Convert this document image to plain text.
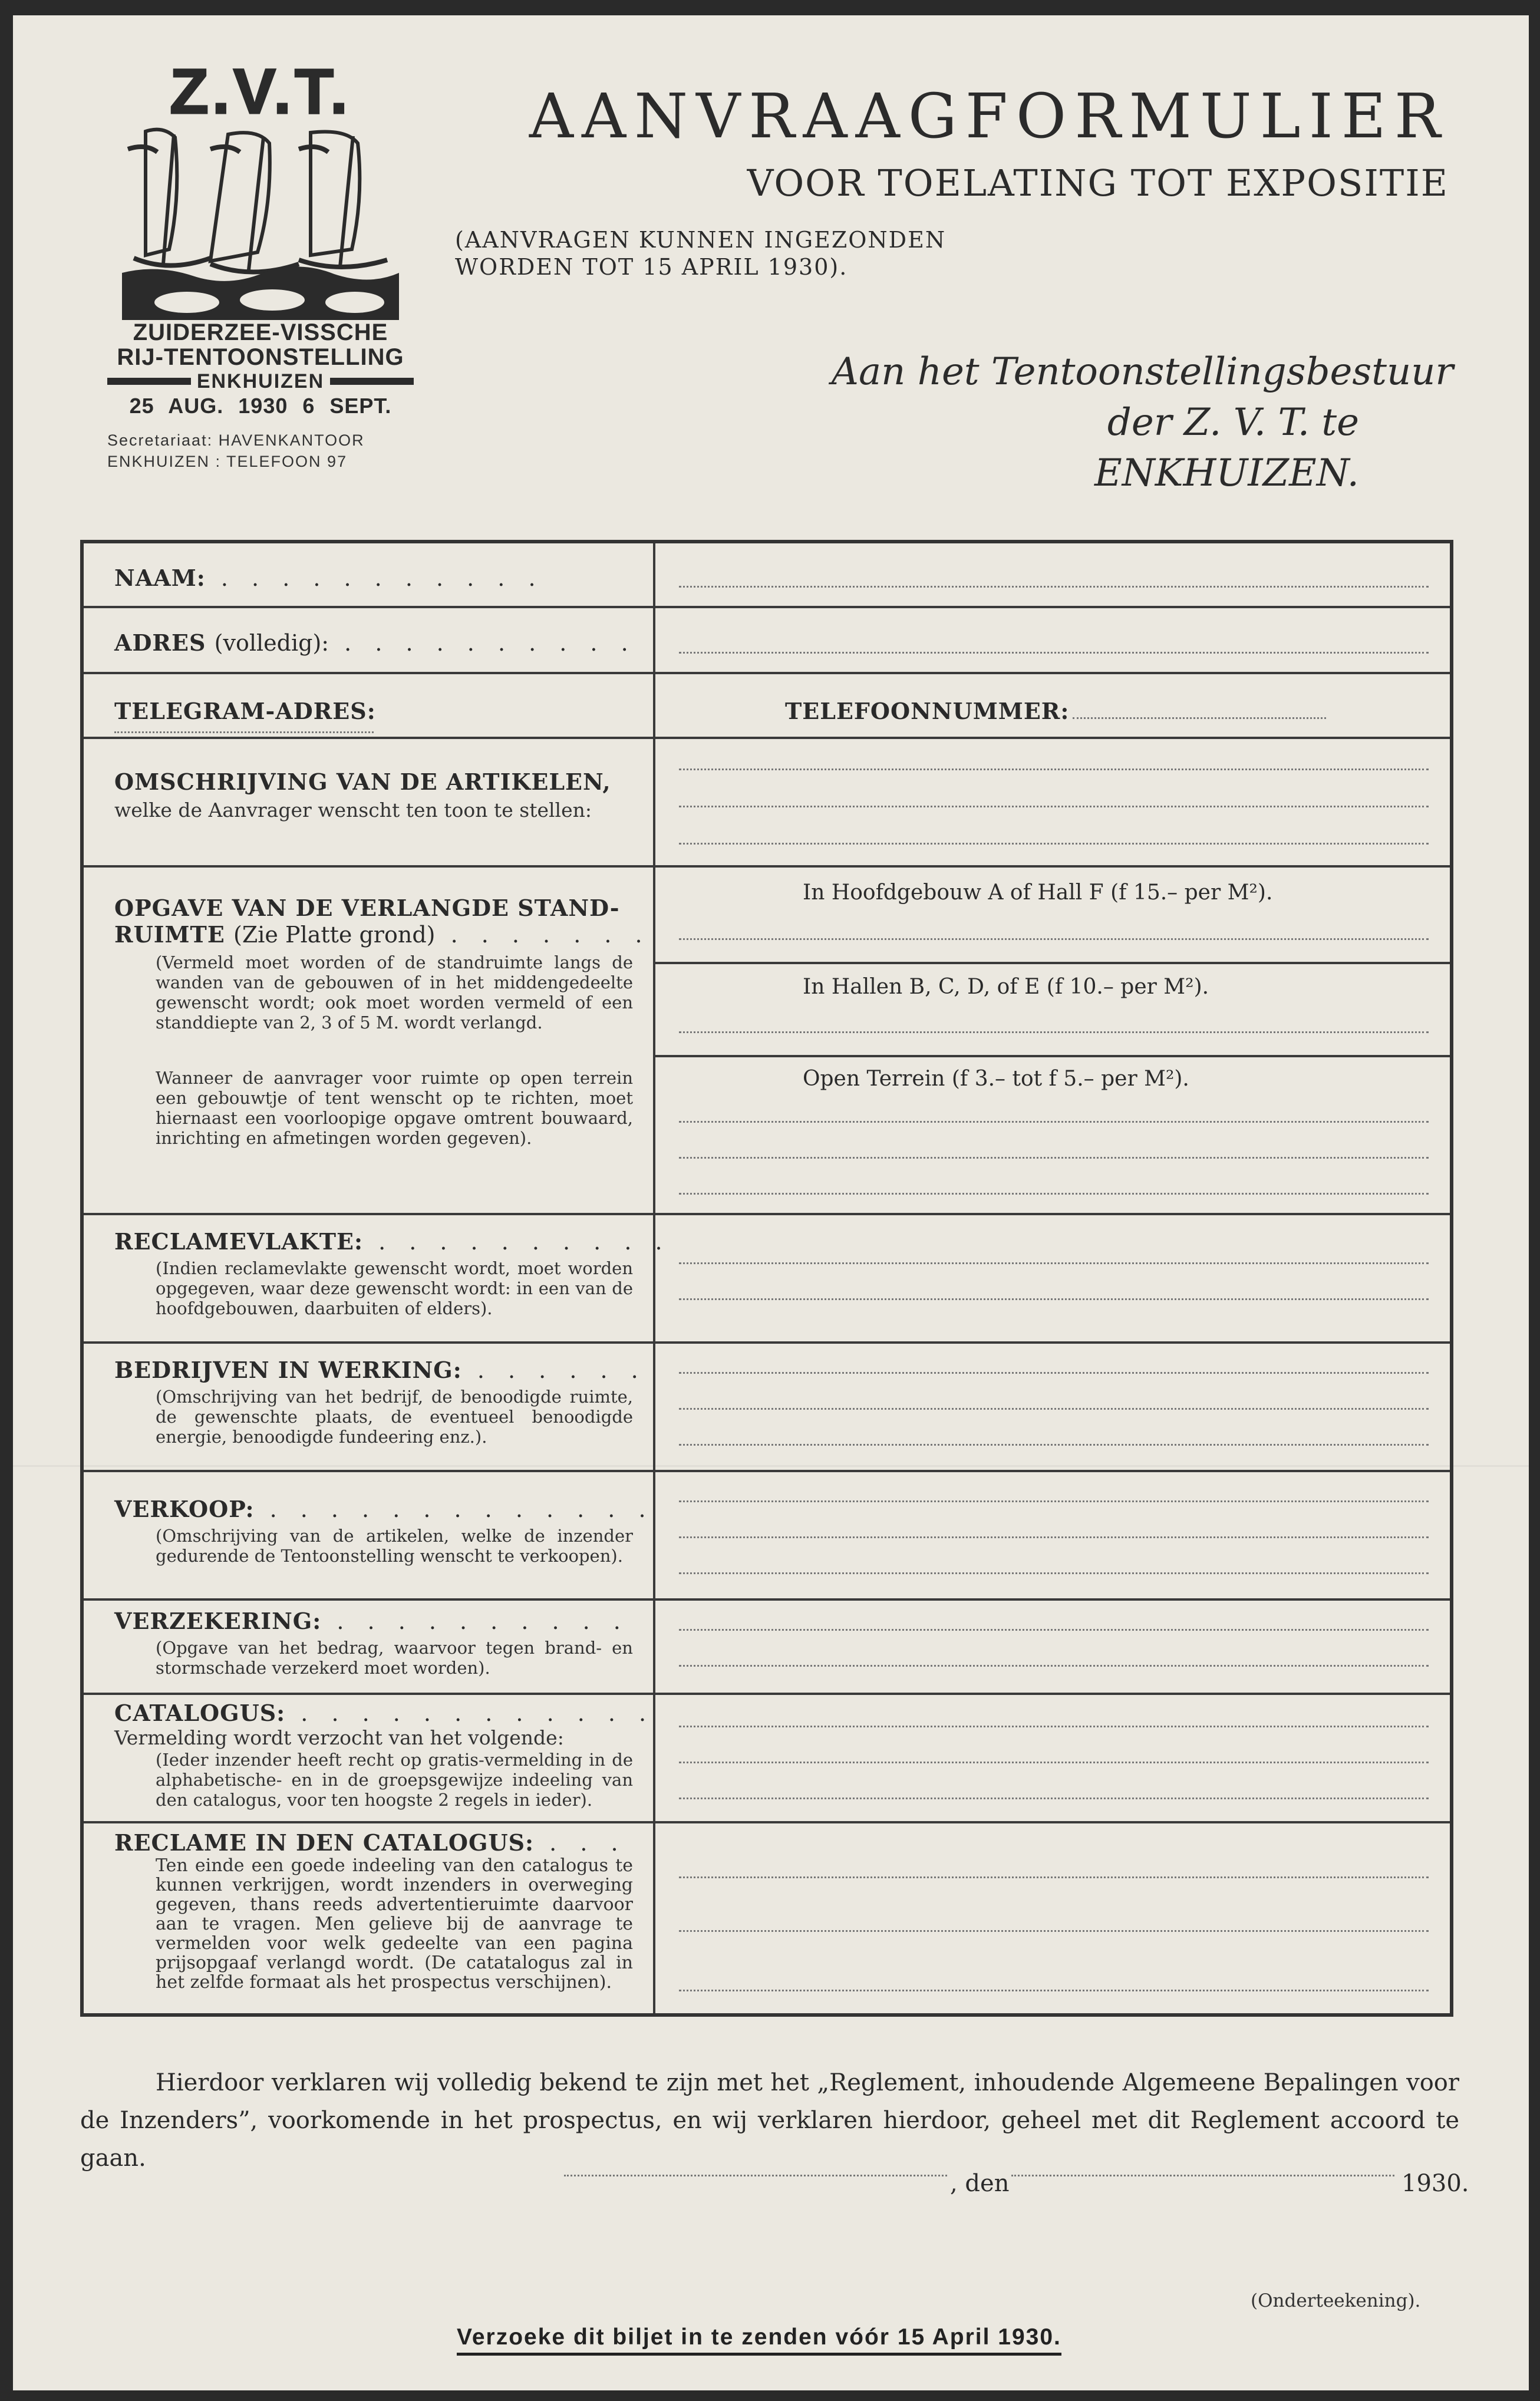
Z.V.T.
ZUIDERZEE-VISSCHE
RIJ-TENTOONSTELLING
ENKHUIZEN
25 AUG. 1930 6 SEPT.
Secretariaat: HAVENKANTOOR
ENKHUIZEN : TELEFOON 97
AANVRAAGFORMULIER
VOOR TOELATING TOT EXPOSITIE
(AANVRAGEN KUNNEN INGEZONDEN
WORDEN TOT 15 APRIL 1930).
Aan het Tentoonstellingsbestuur
der Z. V. T. te
ENKHUIZEN.
NAAM: . . . . . . . . . . .
ADRES (volledig): . . . . . . . . . .
TELEGRAM-ADRES:	TELEFOONNUMMER:
OMSCHRIJVING VAN DE ARTIKELEN,
welke de Aanvrager wenscht ten toon te stellen:
OPGAVE VAN DE VERLANGDE STAND-
RUIMTE (Zie Platte grond) . . . . . . .
(Vermeld moet worden of de standruimte langs de wanden van de gebouwen of in het middengedeelte gewenscht wordt; ook moet worden vermeld of een standdiepte van 2, 3 of 5 M. wordt verlangd.
Wanneer de aanvrager voor ruimte op open terrein een gebouwtje of tent wenscht op te richten, moet hiernaast een voorloopige opgave omtrent bouwaard, inrichting en afmetingen worden gegeven).
In Hoofdgebouw A of Hall F (f 15.– per M²).
In Hallen B, C, D, of E (f 10.– per M²).
Open Terrein (f 3.– tot f 5.– per M²).
RECLAMEVLAKTE: . . . . . . . . . .
(Indien reclamevlakte gewenscht wordt, moet worden opgegeven, waar deze gewenscht wordt: in een van de hoofdgebouwen, daarbuiten of elders).
BEDRIJVEN IN WERKING: . . . . . .
(Omschrijving van het bedrijf, de benoodigde ruimte, de gewenschte plaats, de eventueel benoodigde energie, benoodigde fundeering enz.).
VERKOOP: . . . . . . . . . . . . .
(Omschrijving van de artikelen, welke de inzender gedurende de Tentoonstelling wenscht te verkoopen).
VERZEKERING: . . . . . . . . . .
(Opgave van het bedrag, waarvoor tegen brand- en stormschade verzekerd moet worden).
CATALOGUS: . . . . . . . . . . . .
Vermelding wordt verzocht van het volgende:
(Ieder inzender heeft recht op gratis-vermelding in de alphabetische- en in de groepsgewijze indeeling van den catalogus, voor ten hoogste 2 regels in ieder).
RECLAME IN DEN CATALOGUS: . . .
Ten einde een goede indeeling van den catalogus te kunnen verkrijgen, wordt inzenders in overweging gegeven, thans reeds advertentieruimte daarvoor aan te vragen. Men gelieve bij de aanvrage te vermelden voor welk gedeelte van een pagina prijsopgaaf verlangd wordt. (De catatalogus zal in het zelfde formaat als het prospectus verschijnen).
Hierdoor verklaren wij volledig bekend te zijn met het „Reglement, inhoudende Algemeene Bepalingen voor de Inzenders”, voorkomende in het prospectus, en wij verklaren hierdoor, geheel met dit Reglement accoord te gaan.
, den	1930.
(Onderteekening).
Verzoeke dit biljet in te zenden vóór 15 April 1930.
